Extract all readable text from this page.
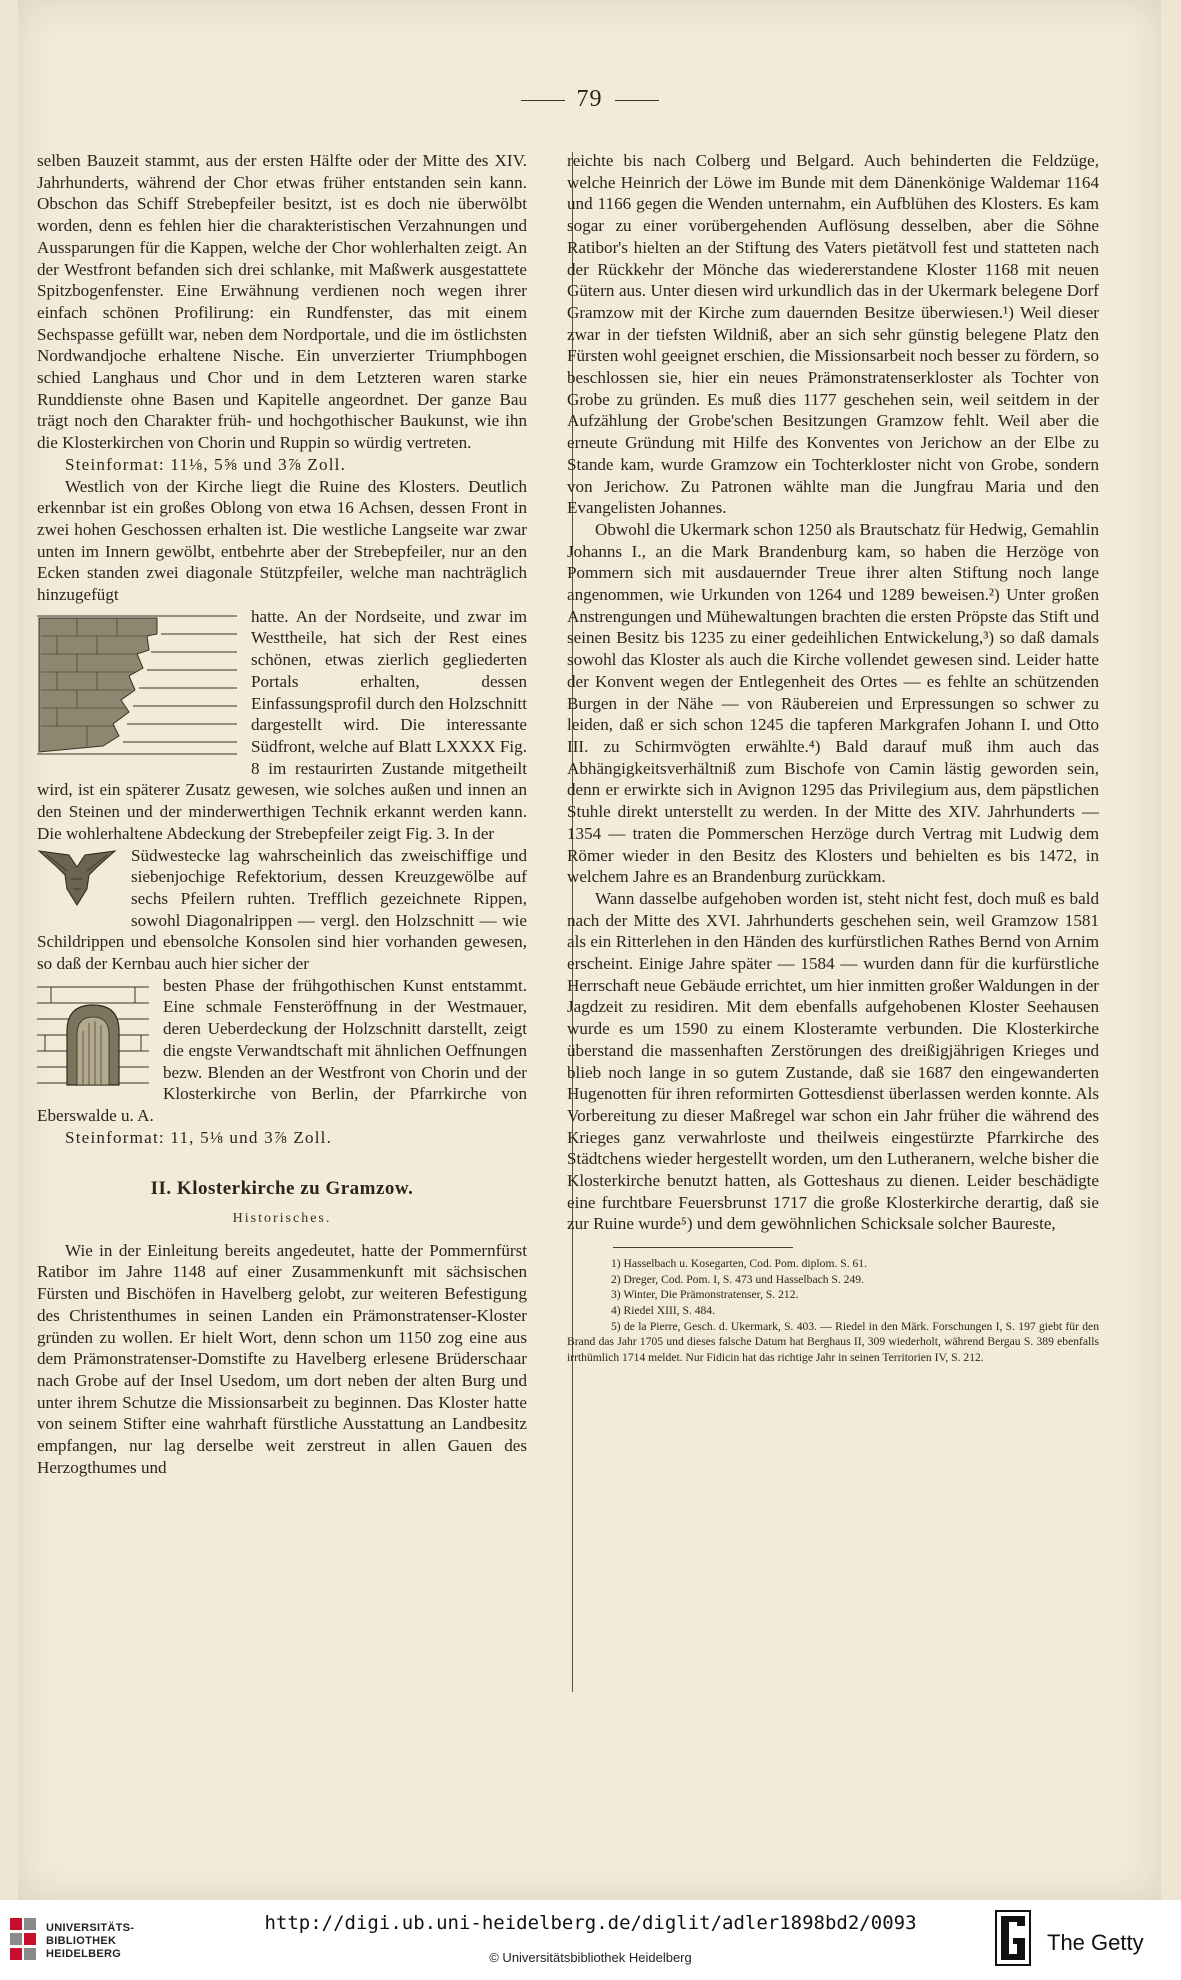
79

selben Bauzeit stammt, aus der ersten Hälfte oder der Mitte des XIV. Jahrhunderts, während der Chor etwas früher entstanden sein kann. Obschon das Schiff Strebepfeiler besitzt, ist es doch nie überwölbt worden, denn es fehlen hier die charakteristischen Verzahnungen und Aussparungen für die Kappen, welche der Chor wohlerhalten zeigt. An der Westfront befanden sich drei schlanke, mit Maßwerk ausgestattete Spitzbogenfenster. Eine Erwähnung verdienen noch wegen ihrer einfach schönen Profilirung: ein Rundfenster, das mit einem Sechspasse gefüllt war, neben dem Nordportale, und die im östlichsten Nordwandjoche erhaltene Nische. Ein unverzierter Triumphbogen schied Langhaus und Chor und in dem Letzteren waren starke Runddienste ohne Basen und Kapitelle angeordnet. Der ganze Bau trägt noch den Charakter früh- und hochgothischer Baukunst, wie ihn die Klosterkirchen von Chorin und Ruppin so würdig vertreten.

Steinformat: 11⅛, 5⅝ und 3⅞ Zoll.

Westlich von der Kirche liegt die Ruine des Klosters. Deutlich erkennbar ist ein großes Oblong von etwa 16 Achsen, dessen Front in zwei hohen Geschossen erhalten ist. Die westliche Langseite war zwar unten im Innern gewölbt, entbehrte aber der Strebepfeiler, nur an den Ecken standen zwei diagonale Stützpfeiler, welche man nachträglich hinzugefügt

hatte. An der Nordseite, und zwar im Westtheile, hat sich der Rest eines schönen, etwas zierlich gegliederten Portals erhalten, dessen Einfassungsprofil durch den Holzschnitt dargestellt wird. Die interessante Südfront, welche auf Blatt LXXXX Fig. 8 im restaurirten Zustande mitgetheilt wird, ist ein späterer Zusatz gewesen, wie solches außen und innen an den Steinen und der minderwerthigen Technik erkannt werden kann. Die wohlerhaltene Abdeckung der Strebepfeiler zeigt Fig. 3. In der

Südwestecke lag wahrscheinlich das zweischiffige und siebenjochige Refektorium, dessen Kreuzgewölbe auf sechs Pfeilern ruhten. Trefflich gezeichnete Rippen, sowohl Diagonalrippen — vergl. den Holzschnitt — wie Schildrippen und ebensolche Konsolen sind hier vorhanden gewesen, so daß der Kernbau auch hier sicher der

besten Phase der frühgothischen Kunst entstammt. Eine schmale Fensteröffnung in der Westmauer, deren Ueberdeckung der Holzschnitt darstellt, zeigt die engste Verwandtschaft mit ähnlichen Oeffnungen bezw. Blenden an der Westfront von Chorin und der Klosterkirche von Berlin, der Pfarrkirche von Eberswalde u. A.

Steinformat: 11, 5⅛ und 3⅞ Zoll.

II. Klosterkirche zu Gramzow.
Historisches.

Wie in der Einleitung bereits angedeutet, hatte der Pommernfürst Ratibor im Jahre 1148 auf einer Zusammenkunft mit sächsischen Fürsten und Bischöfen in Havelberg gelobt, zur weiteren Befestigung des Christenthumes in seinen Landen ein Prämonstratenser-Kloster gründen zu wollen. Er hielt Wort, denn schon um 1150 zog eine aus dem Prämonstratenser-Domstifte zu Havelberg erlesene Brüderschaar nach Grobe auf der Insel Usedom, um dort neben der alten Burg und unter ihrem Schutze die Missionsarbeit zu beginnen. Das Kloster hatte von seinem Stifter eine wahrhaft fürstliche Ausstattung an Landbesitz empfangen, nur lag derselbe weit zerstreut in allen Gauen des Herzogthumes und

reichte bis nach Colberg und Belgard. Auch behinderten die Feldzüge, welche Heinrich der Löwe im Bunde mit dem Dänenkönige Waldemar 1164 und 1166 gegen die Wenden unternahm, ein Aufblühen des Klosters. Es kam sogar zu einer vorübergehenden Auflösung desselben, aber die Söhne Ratibor's hielten an der Stiftung des Vaters pietätvoll fest und statteten nach der Rückkehr der Mönche das wiedererstandene Kloster 1168 mit neuen Gütern aus. Unter diesen wird urkundlich das in der Ukermark belegene Dorf Gramzow mit der Kirche zum dauernden Besitze überwiesen.¹) Weil dieser zwar in der tiefsten Wildniß, aber an sich sehr günstig belegene Platz den Fürsten wohl geeignet erschien, die Missionsarbeit noch besser zu fördern, so beschlossen sie, hier ein neues Prämonstratenserkloster als Tochter von Grobe zu gründen. Es muß dies 1177 geschehen sein, weil seitdem in der Aufzählung der Grobe'schen Besitzungen Gramzow fehlt. Weil aber die erneute Gründung mit Hilfe des Konventes von Jerichow an der Elbe zu Stande kam, wurde Gramzow ein Tochterkloster nicht von Grobe, sondern von Jerichow. Zu Patronen wählte man die Jungfrau Maria und den Evangelisten Johannes.

Obwohl die Ukermark schon 1250 als Brautschatz für Hedwig, Gemahlin Johanns I., an die Mark Brandenburg kam, so haben die Herzöge von Pommern sich mit ausdauernder Treue ihrer alten Stiftung noch lange angenommen, wie Urkunden von 1264 und 1289 beweisen.²) Unter großen Anstrengungen und Mühewaltungen brachten die ersten Pröpste das Stift und seinen Besitz bis 1235 zu einer gedeihlichen Entwickelung,³) so daß damals sowohl das Kloster als auch die Kirche vollendet gewesen sind. Leider hatte der Konvent wegen der Entlegenheit des Ortes — es fehlte an schützenden Burgen in der Nähe — von Räubereien und Erpressungen so schwer zu leiden, daß er sich schon 1245 die tapferen Markgrafen Johann I. und Otto III. zu Schirmvögten erwählte.⁴) Bald darauf muß ihm auch das Abhängigkeitsverhältniß zum Bischofe von Camin lästig geworden sein, denn er erwirkte sich in Avignon 1295 das Privilegium aus, dem päpstlichen Stuhle direkt unterstellt zu werden. In der Mitte des XIV. Jahrhunderts — 1354 — traten die Pommerschen Herzöge durch Vertrag mit Ludwig dem Römer wieder in den Besitz des Klosters und behielten es bis 1472, in welchem Jahre es an Brandenburg zurückkam.

Wann dasselbe aufgehoben worden ist, steht nicht fest, doch muß es bald nach der Mitte des XVI. Jahrhunderts geschehen sein, weil Gramzow 1581 als ein Ritterlehen in den Händen des kurfürstlichen Rathes Bernd von Arnim erscheint. Einige Jahre später — 1584 — wurden dann für die kurfürstliche Herrschaft neue Gebäude errichtet, um hier inmitten großer Waldungen in der Jagdzeit zu residiren. Mit dem ebenfalls aufgehobenen Kloster Seehausen wurde es um 1590 zu einem Klosteramte verbunden. Die Klosterkirche überstand die massenhaften Zerstörungen des dreißigjährigen Krieges und blieb noch lange in so gutem Zustande, daß sie 1687 den eingewanderten Hugenotten für ihren reformirten Gottesdienst überlassen werden konnte. Als Vorbereitung zu dieser Maßregel war schon ein Jahr früher die während des Krieges ganz verwahrloste und theilweis eingestürzte Pfarrkirche des Städtchens wieder hergestellt worden, um den Lutheranern, welche bisher die Klosterkirche benutzt hatten, als Gotteshaus zu dienen. Leider beschädigte eine furchtbare Feuersbrunst 1717 die große Klosterkirche derartig, daß sie zur Ruine wurde⁵) und dem gewöhnlichen Schicksale solcher Baureste,

1) Hasselbach u. Kosegarten, Cod. Pom. diplom. S. 61.

2) Dreger, Cod. Pom. I, S. 473 und Hasselbach S. 249.

3) Winter, Die Prämonstratenser, S. 212.

4) Riedel XIII, S. 484.

5) de la Pierre, Gesch. d. Ukermark, S. 403. — Riedel in den Märk. Forschungen I, S. 197 giebt für den Brand das Jahr 1705 und dieses falsche Datum hat Berghaus II, 309 wiederholt, während Bergau S. 389 ebenfalls irrthümlich 1714 meldet. Nur Fidicin hat das richtige Jahr in seinen Territorien IV, S. 212.

UNIVERSITÄTS-
BIBLIOTHEK
HEIDELBERG
http://digi.ub.uni-heidelberg.de/diglit/adler1898bd2/0093
© Universitätsbibliothek Heidelberg
The Getty
